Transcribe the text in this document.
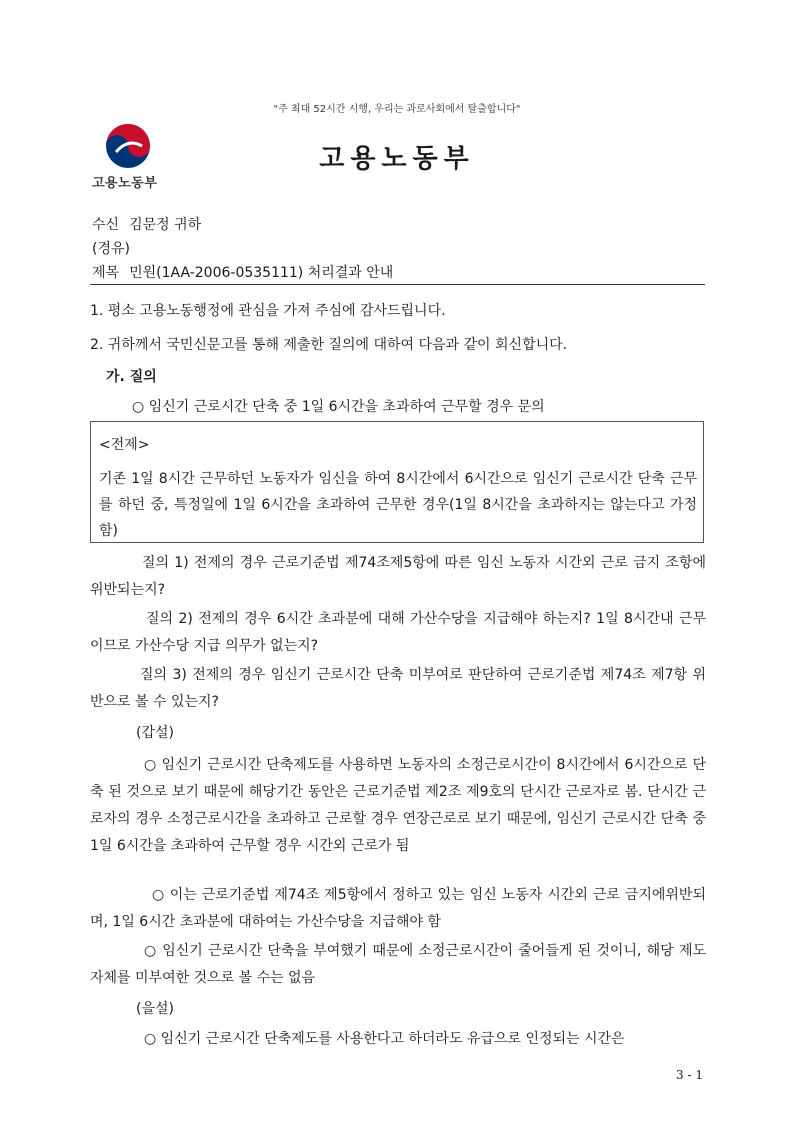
"주 최대 52시간 시행, 우리는 과로사회에서 탈출합니다"
고용노동부
고용노동부
수신 김문정 귀하
(경유)
제목 민원(1AA-2006-0535111) 처리결과 안내
1. 평소 고용노동행정에 관심을 가져 주심에 감사드립니다.
2. 귀하께서 국민신문고를 통해 제출한 질의에 대하여 다음과 같이 회신합니다.
가. 질의
○ 임신기 근로시간 단축 중 1일 6시간을 초과하여 근무할 경우 문의
<전제>
기존 1일 8시간 근무하던 노동자가 임신을 하여 8시간에서 6시간으로 임신기 근로시간 단축 근무를 하던 중, 특정일에 1일 6시간을 초과하여 근무한 경우(1일 8시간을 초과하지는 않는다고 가정함)
질의 1) 전제의 경우 근로기준법 제74조제5항에 따른 임신 노동자 시간외 근로 금지 조항에 위반되는지?
질의 2) 전제의 경우 6시간 초과분에 대해 가산수당을 지급해야 하는지? 1일 8시간내 근무이므로 가산수당 지급 의무가 없는지?
질의 3) 전제의 경우 임신기 근로시간 단축 미부여로 판단하여 근로기준법 제74조 제7항 위반으로 볼 수 있는지?
(갑설)
○ 임신기 근로시간 단축제도를 사용하면 노동자의 소정근로시간이 8시간에서 6시간으로 단축 된 것으로 보기 때문에 해당기간 동안은 근로기준법 제2조 제9호의 단시간 근로자로 봄. 단시간 근로자의 경우 소정근로시간을 초과하고 근로할 경우 연장근로로 보기 때문에, 임신기 근로시간 단축 중 1일 6시간을 초과하여 근무할 경우 시간외 근로가 됨
○ 이는 근로기준법 제74조 제5항에서 정하고 있는 임신 노동자 시간외 근로 금지에위반되며, 1일 6시간 초과분에 대하여는 가산수당을 지급해야 함
○ 임신기 근로시간 단축을 부여했기 때문에 소정근로시간이 줄어들게 된 것이니, 해당 제도 자체를 미부여한 것으로 볼 수는 없음
(을설)
○ 임신기 근로시간 단축제도를 사용한다고 하더라도 유급으로 인정되는 시간은
3 - 1
